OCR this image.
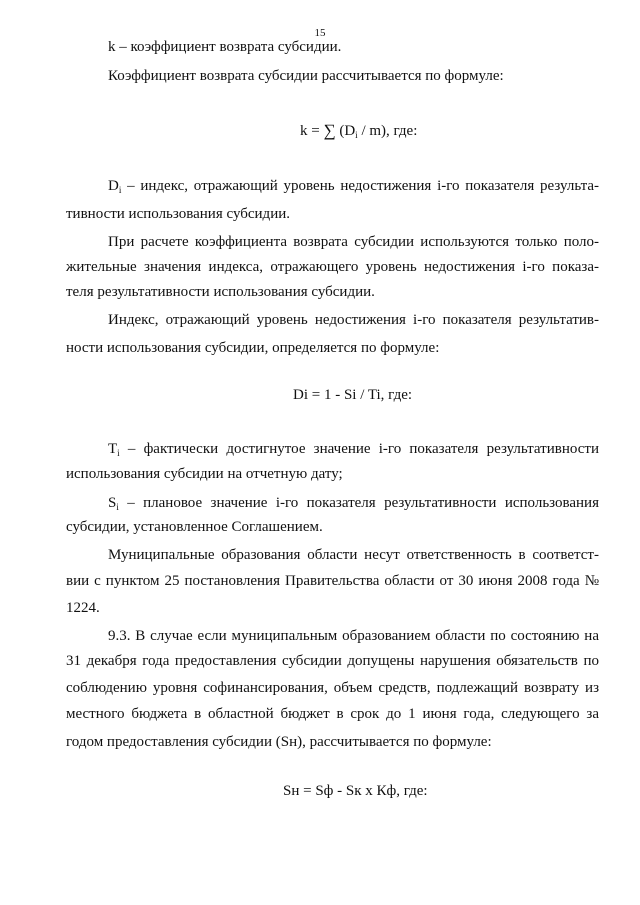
15
k – коэффициент возврата субсидии.
Коэффициент возврата субсидии рассчитывается по формуле:
k = ∑ $(D_i / m)$, где:
$D_i$ – индекс, отражающий уровень недостижения i-го показателя результа-
тивности использования субсидии.
При расчете коэффициента возврата субсидии используются только поло-
жительные значения индекса, отражающего уровень недостижения i-го показа-
теля результативности использования субсидии.
Индекс, отражающий уровень недостижения i-го показателя результатив-
ности использования субсидии, определяется по формуле:
Di = 1 - Si / Ti, где:
$T_i$ – фактически достигнутое значение i-го показателя результативности
использования субсидии на отчетную дату;
$S_i$ – плановое значение i-го показателя результативности использования
субсидии, установленное Соглашением.
Муниципальные образования области несут ответственность в соответст-
вии с пунктом 25 постановления Правительства области от 30 июня 2008 года №
1224.
9.3. В случае если муниципальным образованием области по состоянию на
31 декабря года предоставления субсидии допущены нарушения обязательств по
соблюдению уровня софинансирования, объем средств, подлежащий возврату из
местного бюджета в областной бюджет в срок до 1 июня года, следующего за
годом предоставления субсидии (Sн), рассчитывается по формуле:
Sн = Sф - Sк х Кф, где:
